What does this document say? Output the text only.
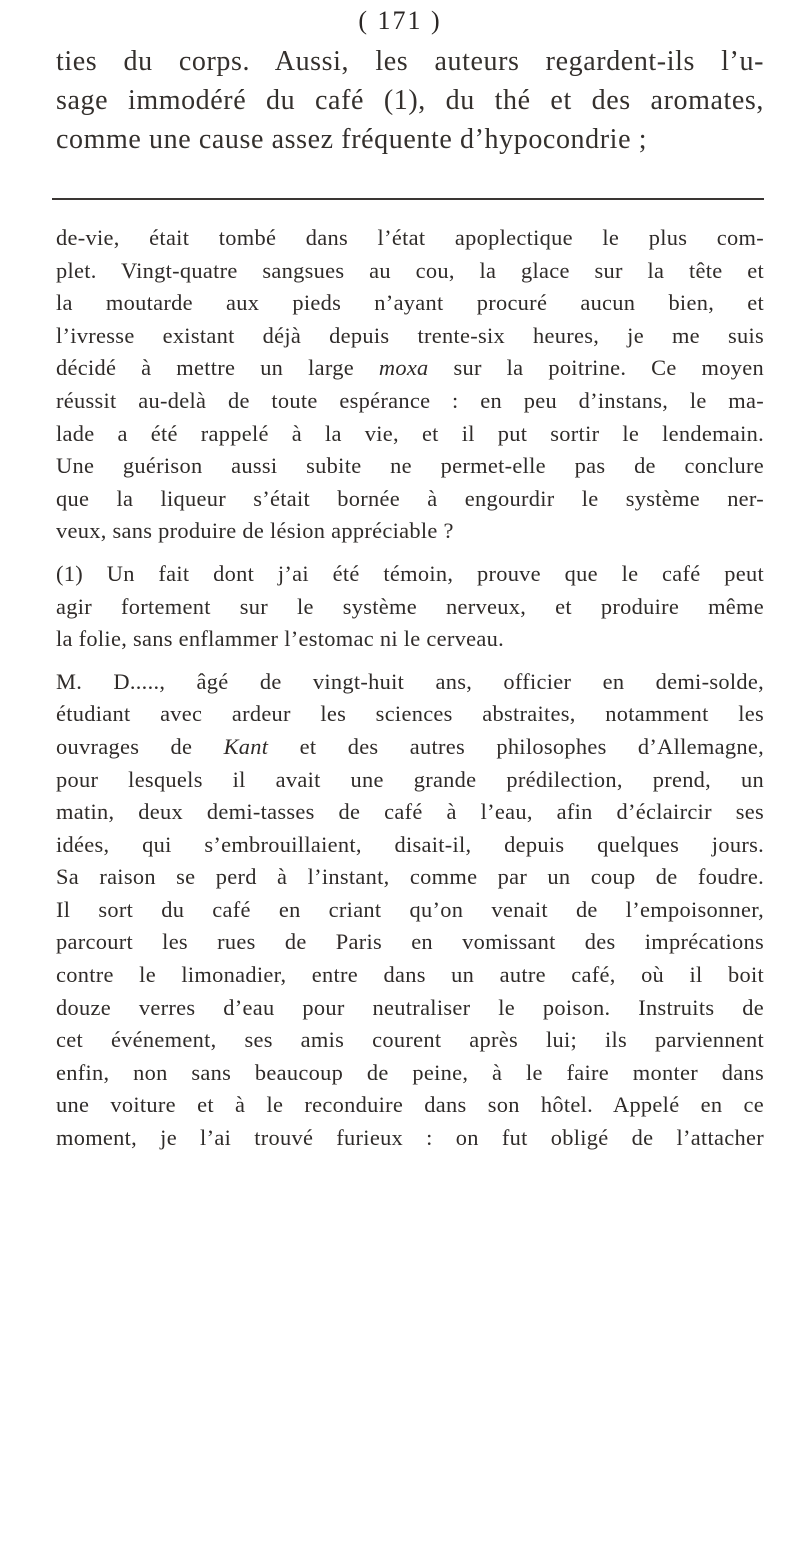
( 171 )
ties du corps. Aussi, les auteurs regardent-ils l’u-
sage immodéré du café (1), du thé et des aromates,
comme une cause assez fréquente d’hypocondrie ;
de-vie, était tombé dans l’état apoplectique le plus com-
plet. Vingt-quatre sangsues au cou, la glace sur la tête et
la moutarde aux pieds n’ayant procuré aucun bien, et
l’ivresse existant déjà depuis trente-six heures, je me suis
décidé à mettre un large moxa sur la poitrine. Ce moyen
réussit au-delà de toute espérance : en peu d’instans, le ma-
lade a été rappelé à la vie, et il put sortir le lendemain.
Une guérison aussi subite ne permet-elle pas de conclure
que la liqueur s’était bornée à engourdir le système ner-
veux, sans produire de lésion appréciable ?
(1) Un fait dont j’ai été témoin, prouve que le café peut
agir fortement sur le système nerveux, et produire même
la folie, sans enflammer l’estomac ni le cerveau.
M. D....., âgé de vingt-huit ans, officier en demi-solde,
étudiant avec ardeur les sciences abstraites, notamment les
ouvrages de Kant et des autres philosophes d’Allemagne,
pour lesquels il avait une grande prédilection, prend, un
matin, deux demi-tasses de café à l’eau, afin d’éclaircir ses
idées, qui s’embrouillaient, disait-il, depuis quelques jours.
Sa raison se perd à l’instant, comme par un coup de foudre.
Il sort du café en criant qu’on venait de l’empoisonner,
parcourt les rues de Paris en vomissant des imprécations
contre le limonadier, entre dans un autre café, où il boit
douze verres d’eau pour neutraliser le poison. Instruits de
cet événement, ses amis courent après lui; ils parviennent
enfin, non sans beaucoup de peine, à le faire monter dans
une voiture et à le reconduire dans son hôtel. Appelé en ce
moment, je l’ai trouvé furieux : on fut obligé de l’attacher
